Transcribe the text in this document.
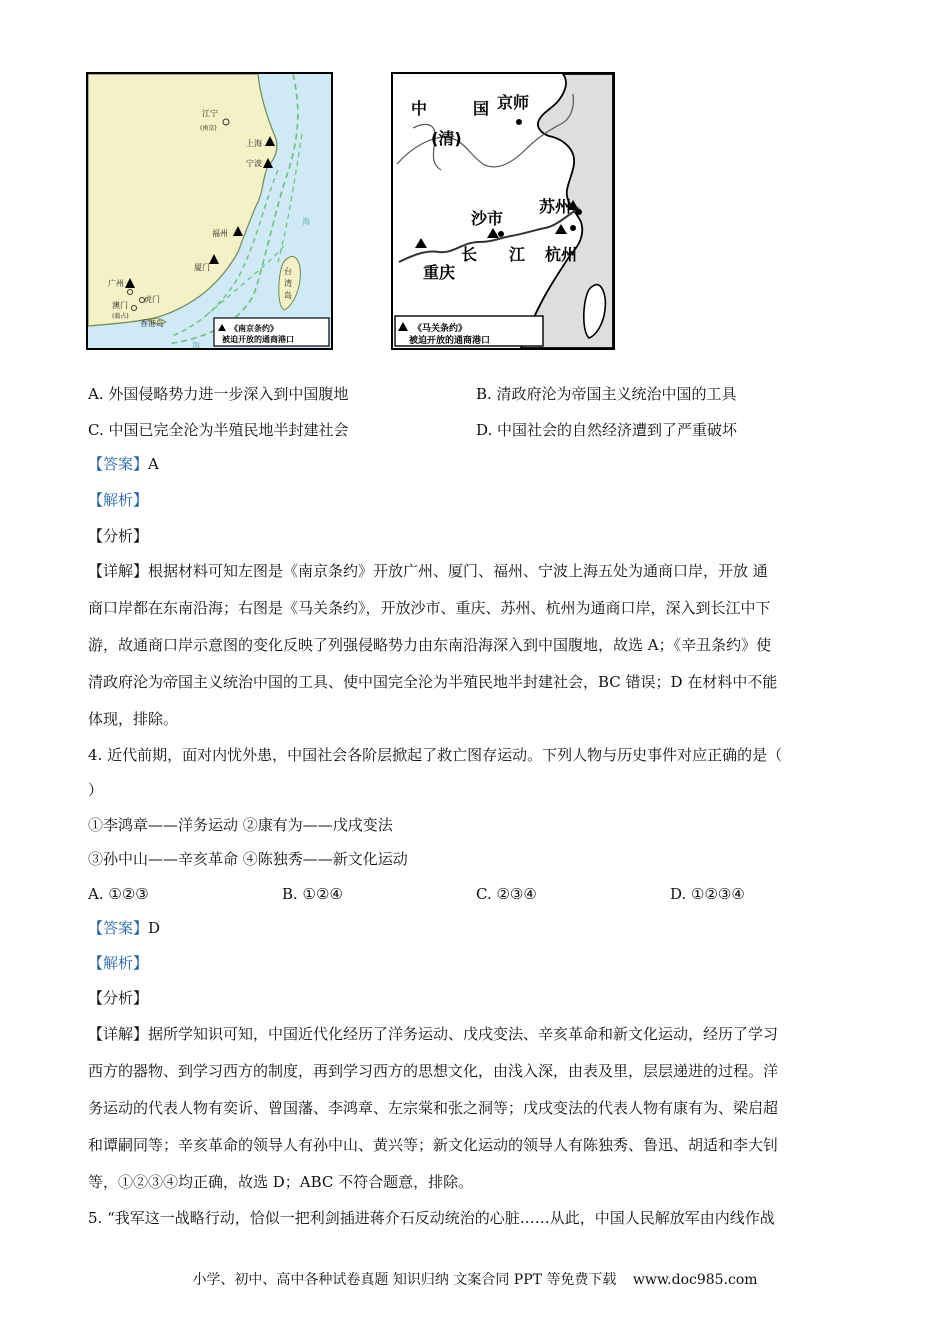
江宁
(南京)
上海
宁波
福州
厦门
广州
虎门
澳门
(葡占)
香港岛
台
湾
岛
海
海
《南京条约》
被迫开放的通商港口
中	国 京师
(清)
沙市
苏州
长 江 杭州
重庆
《马关条约》
被迫开放的通商港口
A. 外国侵略势力进一步深入到中国腹地	B. 清政府沦为帝国主义统治中国的工具
C. 中国已完全沦为半殖民地半封建社会	D. 中国社会的自然经济遭到了严重破坏
【答案】A
【解析】
【分析】
【详解】根据材料可知左图是《南京条约》开放广州、厦门、福州、宁波上海五处为通商口岸，开放 通
商口岸都在东南沿海；右图是《马关条约》，开放沙市、重庆、苏州、杭州为通商口岸，深入到长江中下
游，故通商口岸示意图的变化反映了列强侵略势力由东南沿海深入到中国腹地，故选 A；《辛丑条约》使
清政府沦为帝国主义统治中国的工具、使中国完全沦为半殖民地半封建社会，BC 错误；D 在材料中不能
体现，排除。
4. 近代前期，面对内忧外患，中国社会各阶层掀起了救亡图存运动。下列人物与历史事件对应正确的是（
）
①李鸿章——洋务运动 ②康有为——戊戌变法
③孙中山——辛亥革命 ④陈独秀——新文化运动
A. ①②③	B. ①②④	C. ②③④	D. ①②③④
【答案】D
【解析】
【分析】
【详解】据所学知识可知，中国近代化经历了洋务运动、戊戌变法、辛亥革命和新文化运动，经历了学习
西方的器物、到学习西方的制度，再到学习西方的思想文化，由浅入深，由表及里，层层递进的过程。洋
务运动的代表人物有奕䜣、曾国藩、李鸿章、左宗棠和张之洞等；戊戌变法的代表人物有康有为、梁启超
和谭嗣同等；辛亥革命的领导人有孙中山、黄兴等；新文化运动的领导人有陈独秀、鲁迅、胡适和李大钊
等，①②③④均正确，故选 D；ABC 不符合题意，排除。
5. “我军这一战略行动，恰似一把利剑插进蒋介石反动统治的心脏……从此，中国人民解放军由内线作战
小学、初中、高中各种试卷真题 知识归纳 文案合同 PPT 等免费下载 www.doc985.com
